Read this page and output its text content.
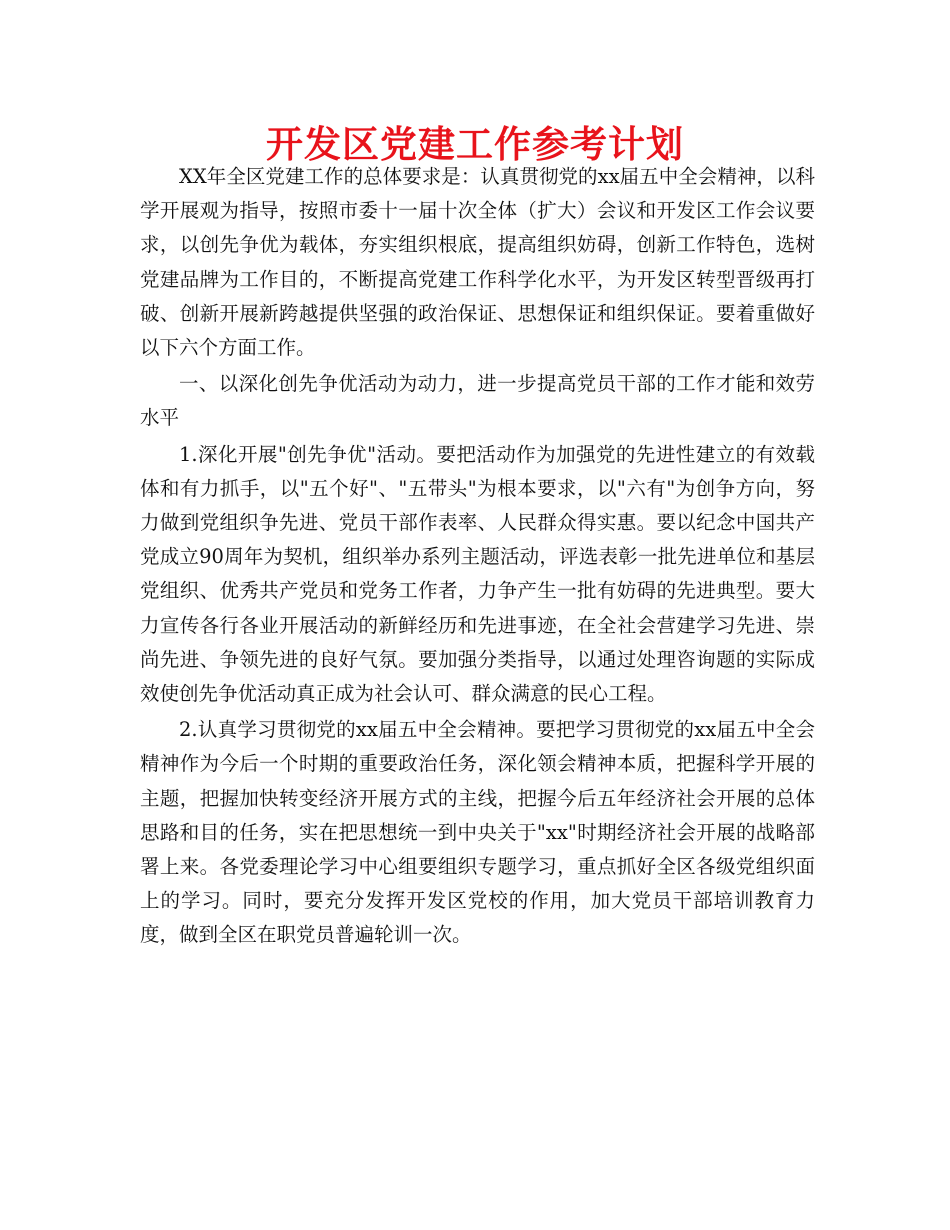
开发区党建工作参考计划

XX年全区党建工作的总体要求是：认真贯彻党的xx届五中全会精神，以科学开展观为指导，按照市委十一届十次全体（扩大）会议和开发区工作会议要求，以创先争优为载体，夯实组织根底，提高组织妨碍，创新工作特色，选树党建品牌为工作目的，不断提高党建工作科学化水平，为开发区转型晋级再打破、创新开展新跨越提供坚强的政治保证、思想保证和组织保证。要着重做好以下六个方面工作。

一、以深化创先争优活动为动力，进一步提高党员干部的工作才能和效劳水平

1.深化开展"创先争优"活动。要把活动作为加强党的先进性建立的有效载体和有力抓手，以"五个好"、"五带头"为根本要求，以"六有"为创争方向，努力做到党组织争先进、党员干部作表率、人民群众得实惠。要以纪念中国共产党成立90周年为契机，组织举办系列主题活动，评选表彰一批先进单位和基层党组织、优秀共产党员和党务工作者，力争产生一批有妨碍的先进典型。要大力宣传各行各业开展活动的新鲜经历和先进事迹，在全社会营建学习先进、崇尚先进、争领先进的良好气氛。要加强分类指导，以通过处理咨询题的实际成效使创先争优活动真正成为社会认可、群众满意的民心工程。

2.认真学习贯彻党的xx届五中全会精神。要把学习贯彻党的xx届五中全会精神作为今后一个时期的重要政治任务，深化领会精神本质，把握科学开展的主题，把握加快转变经济开展方式的主线，把握今后五年经济社会开展的总体思路和目的任务，实在把思想统一到中央关于"xx"时期经济社会开展的战略部署上来。各党委理论学习中心组要组织专题学习，重点抓好全区各级党组织面上的学习。同时，要充分发挥开发区党校的作用，加大党员干部培训教育力度，做到全区在职党员普遍轮训一次。
